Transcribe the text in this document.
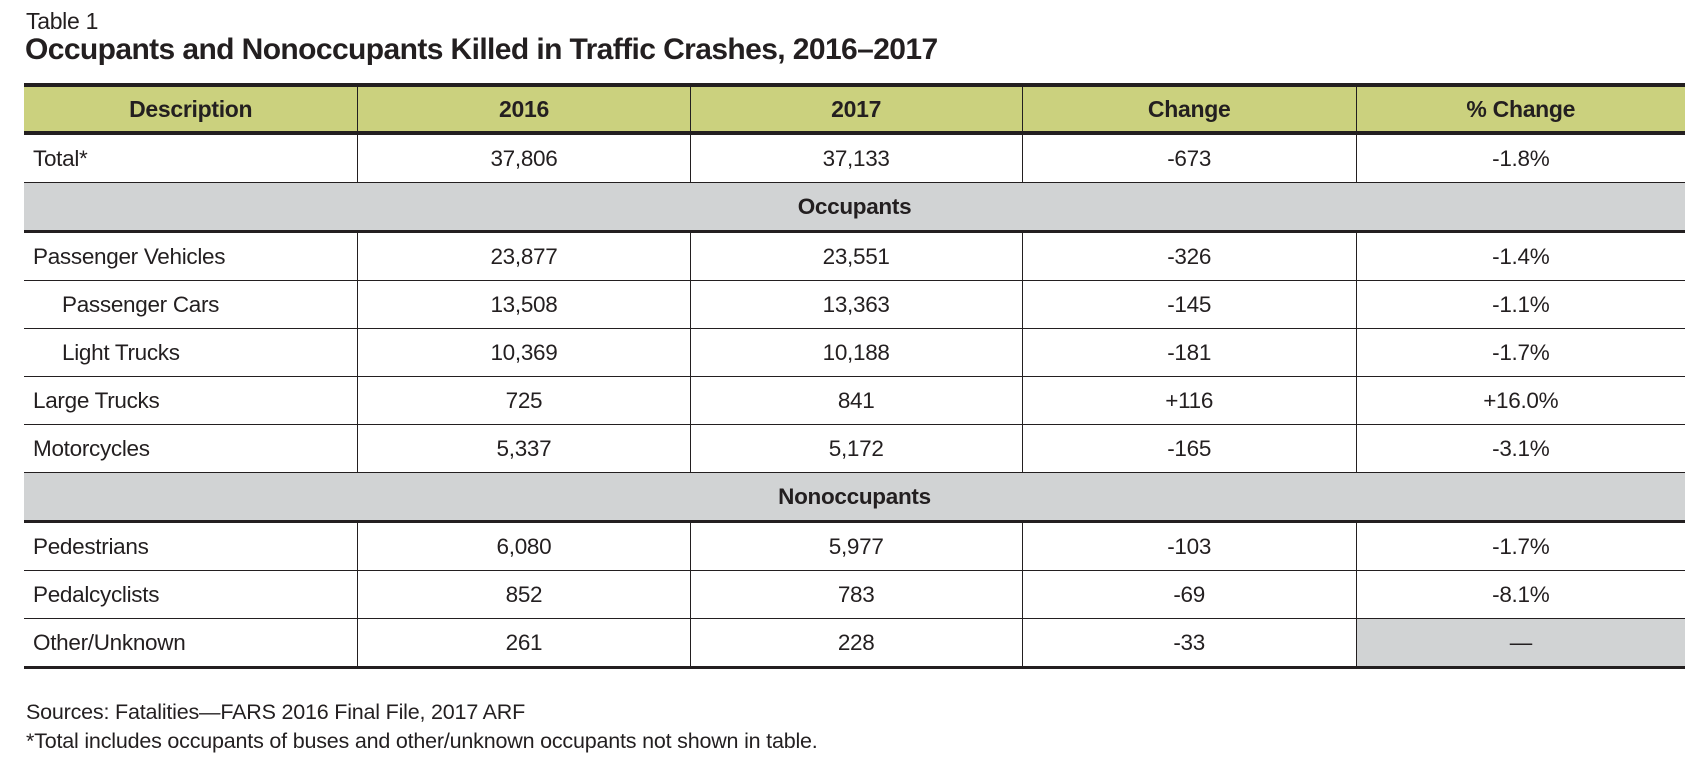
Table 1
Occupants and Nonoccupants Killed in Traffic Crashes, 2016–2017
Description	2016	2017	Change	% Change
Total*	37,806	37,133	-673	-1.8%
Occupants				
Passenger Vehicles	23,877	23,551	-326	-1.4%
Passenger Cars	13,508	13,363	-145	-1.1%
Light Trucks	10,369	10,188	-181	-1.7%
Large Trucks	725	841	+116	+16.0%
Motorcycles	5,337	5,172	-165	-3.1%
Nonoccupants				
Pedestrians	6,080	5,977	-103	-1.7%
Pedalcyclists	852	783	-69	-8.1%
Other/Unknown	261	228	-33	—
Sources: Fatalities—FARS 2016 Final File, 2017 ARF
*Total includes occupants of buses and other/unknown occupants not shown in table.
